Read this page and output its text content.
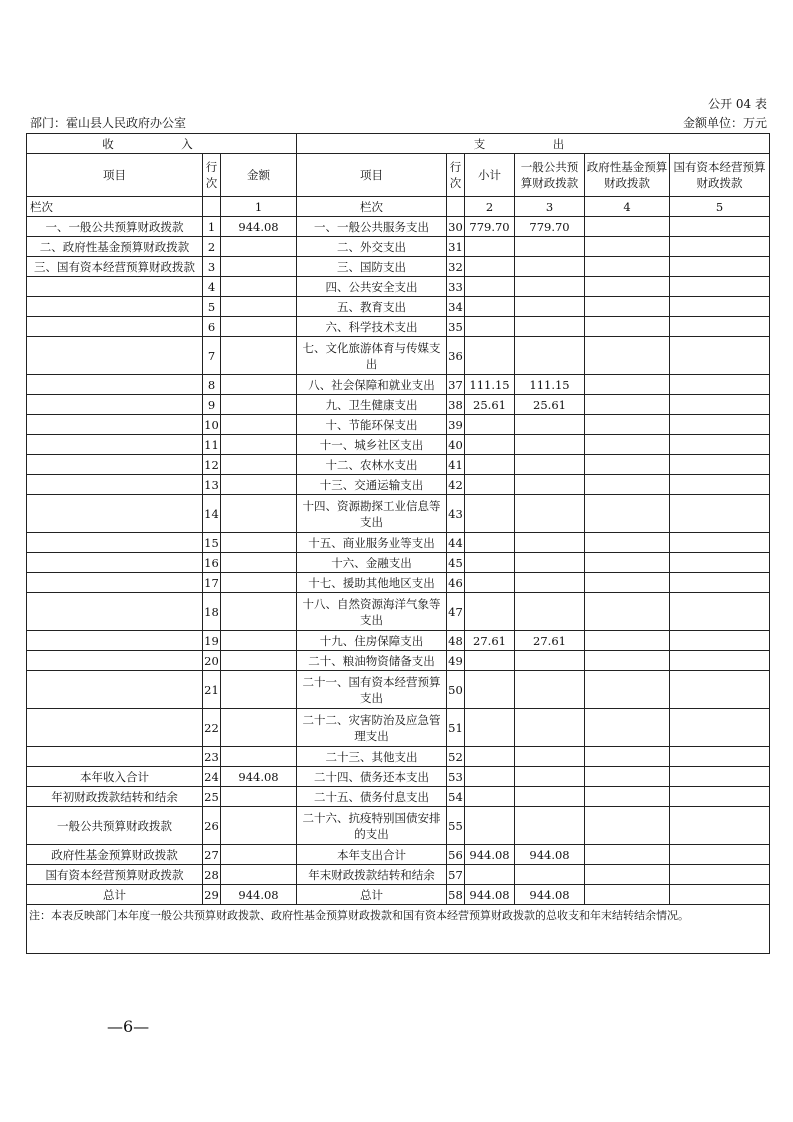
公开 04 表
部门：霍山县人民政府办公室	金额单位：万元
收　入			支　出					
项目	行次	金额	项目	行次	小计	一般公共预算财政拨款	政府性基金预算财政拨款	国有资本经营预算财政拨款
栏次		1	栏次		2	3	4	5
一、一般公共预算财政拨款	1	944.08	一、一般公共服务支出	30	779.70	779.70		
二、政府性基金预算财政拨款	2		二、外交支出	31				
三、国有资本经营预算财政拨款	3		三、国防支出	32				
	4		四、公共安全支出	33				
	5		五、教育支出	34				
	6		六、科学技术支出	35				
	7		七、文化旅游体育与传媒支出	36				
	8		八、社会保障和就业支出	37	111.15	111.15		
	9		九、卫生健康支出	38	25.61	25.61		
	10		十、节能环保支出	39				
	11		十一、城乡社区支出	40				
	12		十二、农林水支出	41				
	13		十三、交通运输支出	42				
	14		十四、资源勘探工业信息等支出	43				
	15		十五、商业服务业等支出	44				
	16		十六、金融支出	45				
	17		十七、援助其他地区支出	46				
	18		十八、自然资源海洋气象等支出	47				
	19		十九、住房保障支出	48	27.61	27.61		
	20		二十、粮油物资储备支出	49				
	21		二十一、国有资本经营预算支出	50				
	22		二十二、灾害防治及应急管理支出	51				
	23		二十三、其他支出	52				
本年收入合计	24	944.08	二十四、债务还本支出	53				
年初财政拨款结转和结余	25		二十五、债务付息支出	54				
一般公共预算财政拨款	26		二十六、抗疫特别国债安排的支出	55				
政府性基金预算财政拨款	27		本年支出合计	56	944.08	944.08		
国有资本经营预算财政拨款	28		年末财政拨款结转和结余	57				
总计	29	944.08	总计	58	944.08	944.08		
注：本表反映部门本年度一般公共预算财政拨款、政府性基金预算财政拨款和国有资本经营预算财政拨款的总收支和年末结转结余情况。								
—6—
